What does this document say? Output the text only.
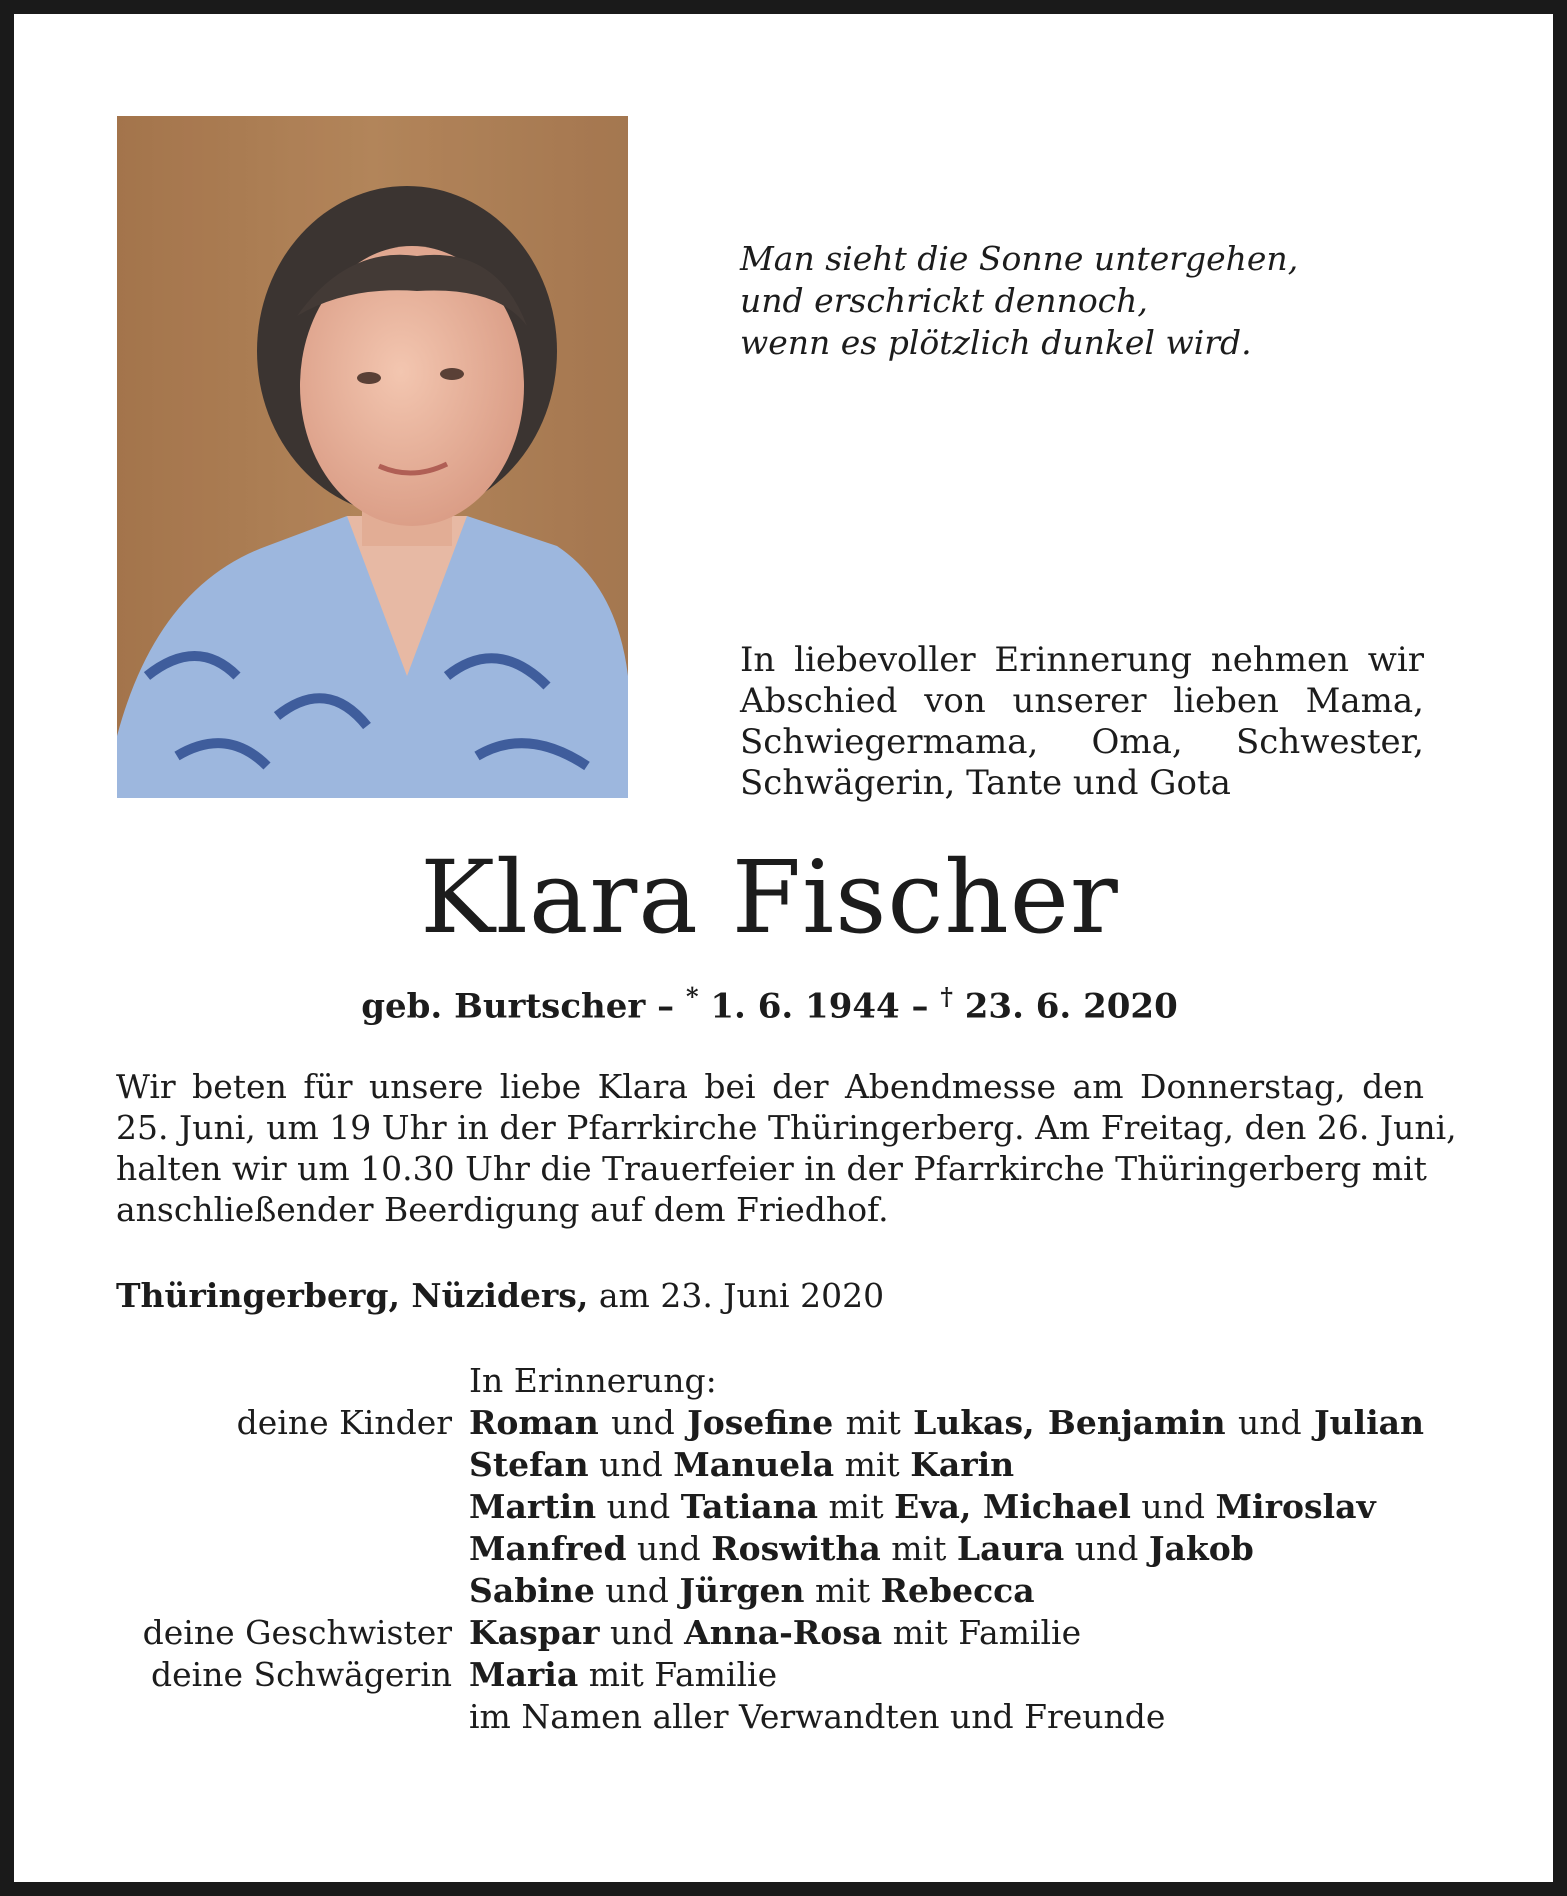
Man sieht die Sonne untergehen,
und erschrickt dennoch,
wenn es plötzlich dunkel wird.
In liebevoller Erinnerung nehmen wir
Abschied von unserer lieben Mama,
Schwiegermama, Oma, Schwester,
Schwägerin, Tante und Gota
Klara Fischer
geb. Burtscher – * 1. 6. 1944 – † 23. 6. 2020
Wir beten für unsere liebe Klara bei der Abendmesse am Donnerstag, den
25. Juni, um 19 Uhr in der Pfarrkirche Thüringerberg. Am Freitag, den 26. Juni,
halten wir um 10.30 Uhr die Trauerfeier in der Pfarrkirche Thüringerberg mit
anschließender Beerdigung auf dem Friedhof.
Thüringerberg, Nüziders, am 23. Juni 2020
In Erinnerung:
deine Kinder Roman und Josefine mit Lukas, Benjamin und Julian
Stefan und Manuela mit Karin
Martin und Tatiana mit Eva, Michael und Miroslav
Manfred und Roswitha mit Laura und Jakob
Sabine und Jürgen mit Rebecca
deine Geschwister Kaspar und Anna-Rosa mit Familie
deine Schwägerin Maria mit Familie
im Namen aller Verwandten und Freunde
